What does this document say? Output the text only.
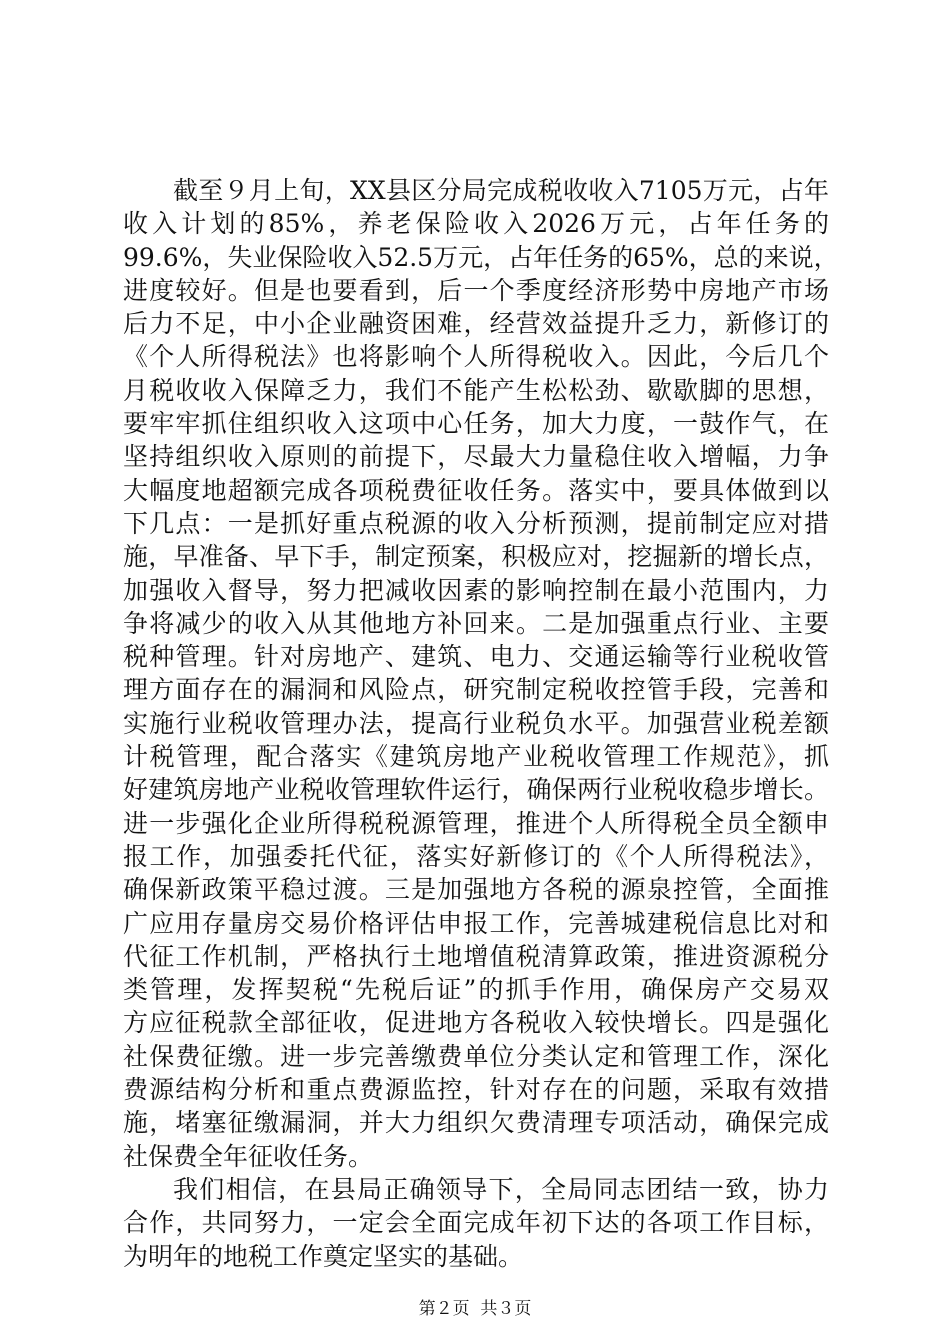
截至９月上旬，XX县区分局完成税收收入7105万元，占年
收入计划的85%，养老保险收入2026万元，占年任务的
99.6%，失业保险收入52.5万元，占年任务的65%，总的来说，
进度较好。但是也要看到，后一个季度经济形势中房地产市场
后力不足，中小企业融资困难，经营效益提升乏力，新修订的
《个人所得税法》也将影响个人所得税收入。因此，今后几个
月税收收入保障乏力，我们不能产生松松劲、歇歇脚的思想，
要牢牢抓住组织收入这项中心任务，加大力度，一鼓作气，在
坚持组织收入原则的前提下，尽最大力量稳住收入增幅，力争
大幅度地超额完成各项税费征收任务。落实中，要具体做到以
下几点：一是抓好重点税源的收入分析预测，提前制定应对措
施，早准备、早下手，制定预案，积极应对，挖掘新的增长点，
加强收入督导，努力把减收因素的影响控制在最小范围内，力
争将减少的收入从其他地方补回来。二是加强重点行业、主要
税种管理。针对房地产、建筑、电力、交通运输等行业税收管
理方面存在的漏洞和风险点，研究制定税收控管手段，完善和
实施行业税收管理办法，提高行业税负水平。加强营业税差额
计税管理，配合落实《建筑房地产业税收管理工作规范》，抓
好建筑房地产业税收管理软件运行，确保两行业税收稳步增长。
进一步强化企业所得税税源管理，推进个人所得税全员全额申
报工作，加强委托代征，落实好新修订的《个人所得税法》，
确保新政策平稳过渡。三是加强地方各税的源泉控管，全面推
广应用存量房交易价格评估申报工作，完善城建税信息比对和
代征工作机制，严格执行土地增值税清算政策，推进资源税分
类管理，发挥契税“先税后证”的抓手作用，确保房产交易双
方应征税款全部征收，促进地方各税收入较快增长。四是强化
社保费征缴。进一步完善缴费单位分类认定和管理工作，深化
费源结构分析和重点费源监控，针对存在的问题，采取有效措
施，堵塞征缴漏洞，并大力组织欠费清理专项活动，确保完成
社保费全年征收任务。
我们相信，在县局正确领导下，全局同志团结一致，协力
合作，共同努力，一定会全面完成年初下达的各项工作目标，
为明年的地税工作奠定坚实的基础。
第２页 共３页
